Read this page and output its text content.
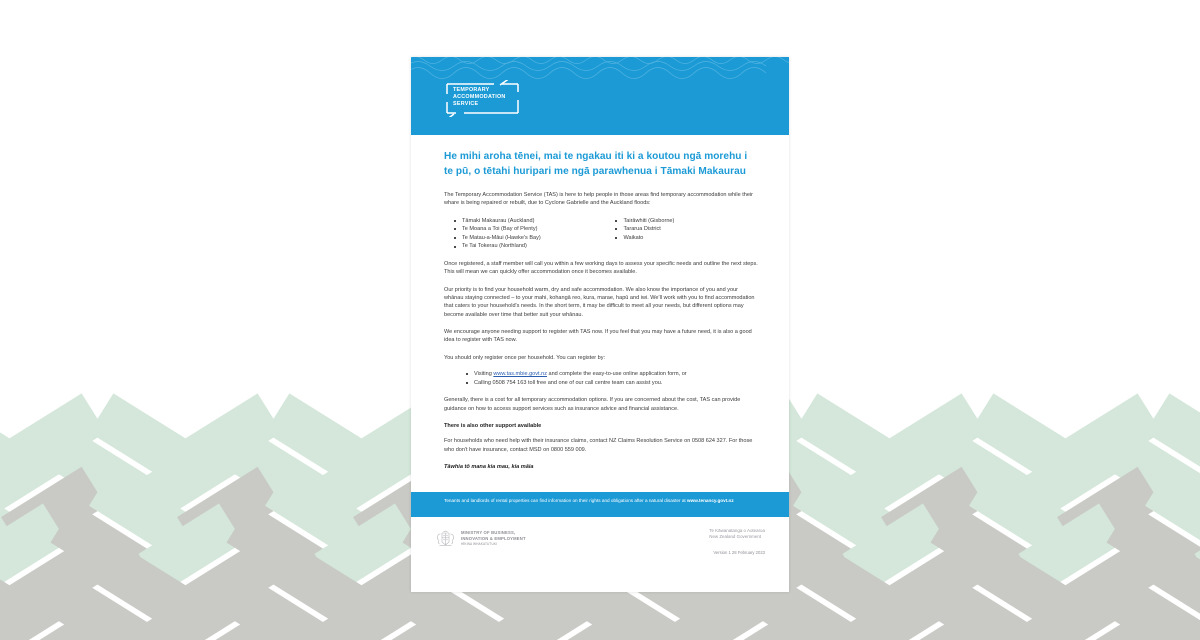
TEMPORARY
ACCOMMODATION
SERVICE
He mihi aroha tēnei, mai te ngakau iti ki a koutou ngā morehu i te pū, o tētahi huripari me ngā parawhenua i Tāmaki Makaurau

The Temporary Accommodation Service (TAS) is here to help people in those areas find temporary accommodation while their whare is being repaired or rebuilt, due to Cyclone Gabrielle and the Auckland floods:

Tāmaki Makaurau (Auckland)
Te Moana a Toi (Bay of Plenty)
Te Matau-a-Māui (Hawke's Bay)
Te Tai Tokerau (Northland)
Tairāwhiti (Gisborne)
Tararua District
Waikato

Once registered, a staff member will call you within a few working days to assess your specific needs and outline the next steps. This will mean we can quickly offer accommodation once it becomes available.

Our priority is to find your household warm, dry and safe accommodation. We also know the importance of you and your whānau staying connected – to your mahi, kohangā reo, kura, marae, hapū and iwi. We'll work with you to find accommodation that caters to your household's needs. In the short term, it may be difficult to meet all your needs, but different options may become available over time that better suit your whānau.

We encourage anyone needing support to register with TAS now. If you feel that you may have a future need, it is also a good idea to register with TAS now.

You should only register once per household. You can register by:

Visiting www.tas.mbie.govt.nz and complete the easy-to-use online application form, or
Calling 0508 754 163 toll free and one of our call centre team can assist you.

Generally, there is a cost for all temporary accommodation options. If you are concerned about the cost, TAS can provide guidance on how to access support services such as insurance advice and financial assistance.

There is also other support available

For households who need help with their insurance claims, contact NZ Claims Resolution Service on 0508 624 327. For those who don't have insurance, contact MSD on 0800 559 009.

Tāwhia tō mana kia mau, kia māia

Tenants and landlords of rental properties can find information on their rights and obligations after a natural disaster at www.tenancy.govt.nz

MINISTRY OF BUSINESS,
INNOVATION & EMPLOYMENT
HĪKINA WHAKATUTUKI
Te Kāwanatanga o Aotearoa
New Zealand Government
Version 1 28 February 2023
